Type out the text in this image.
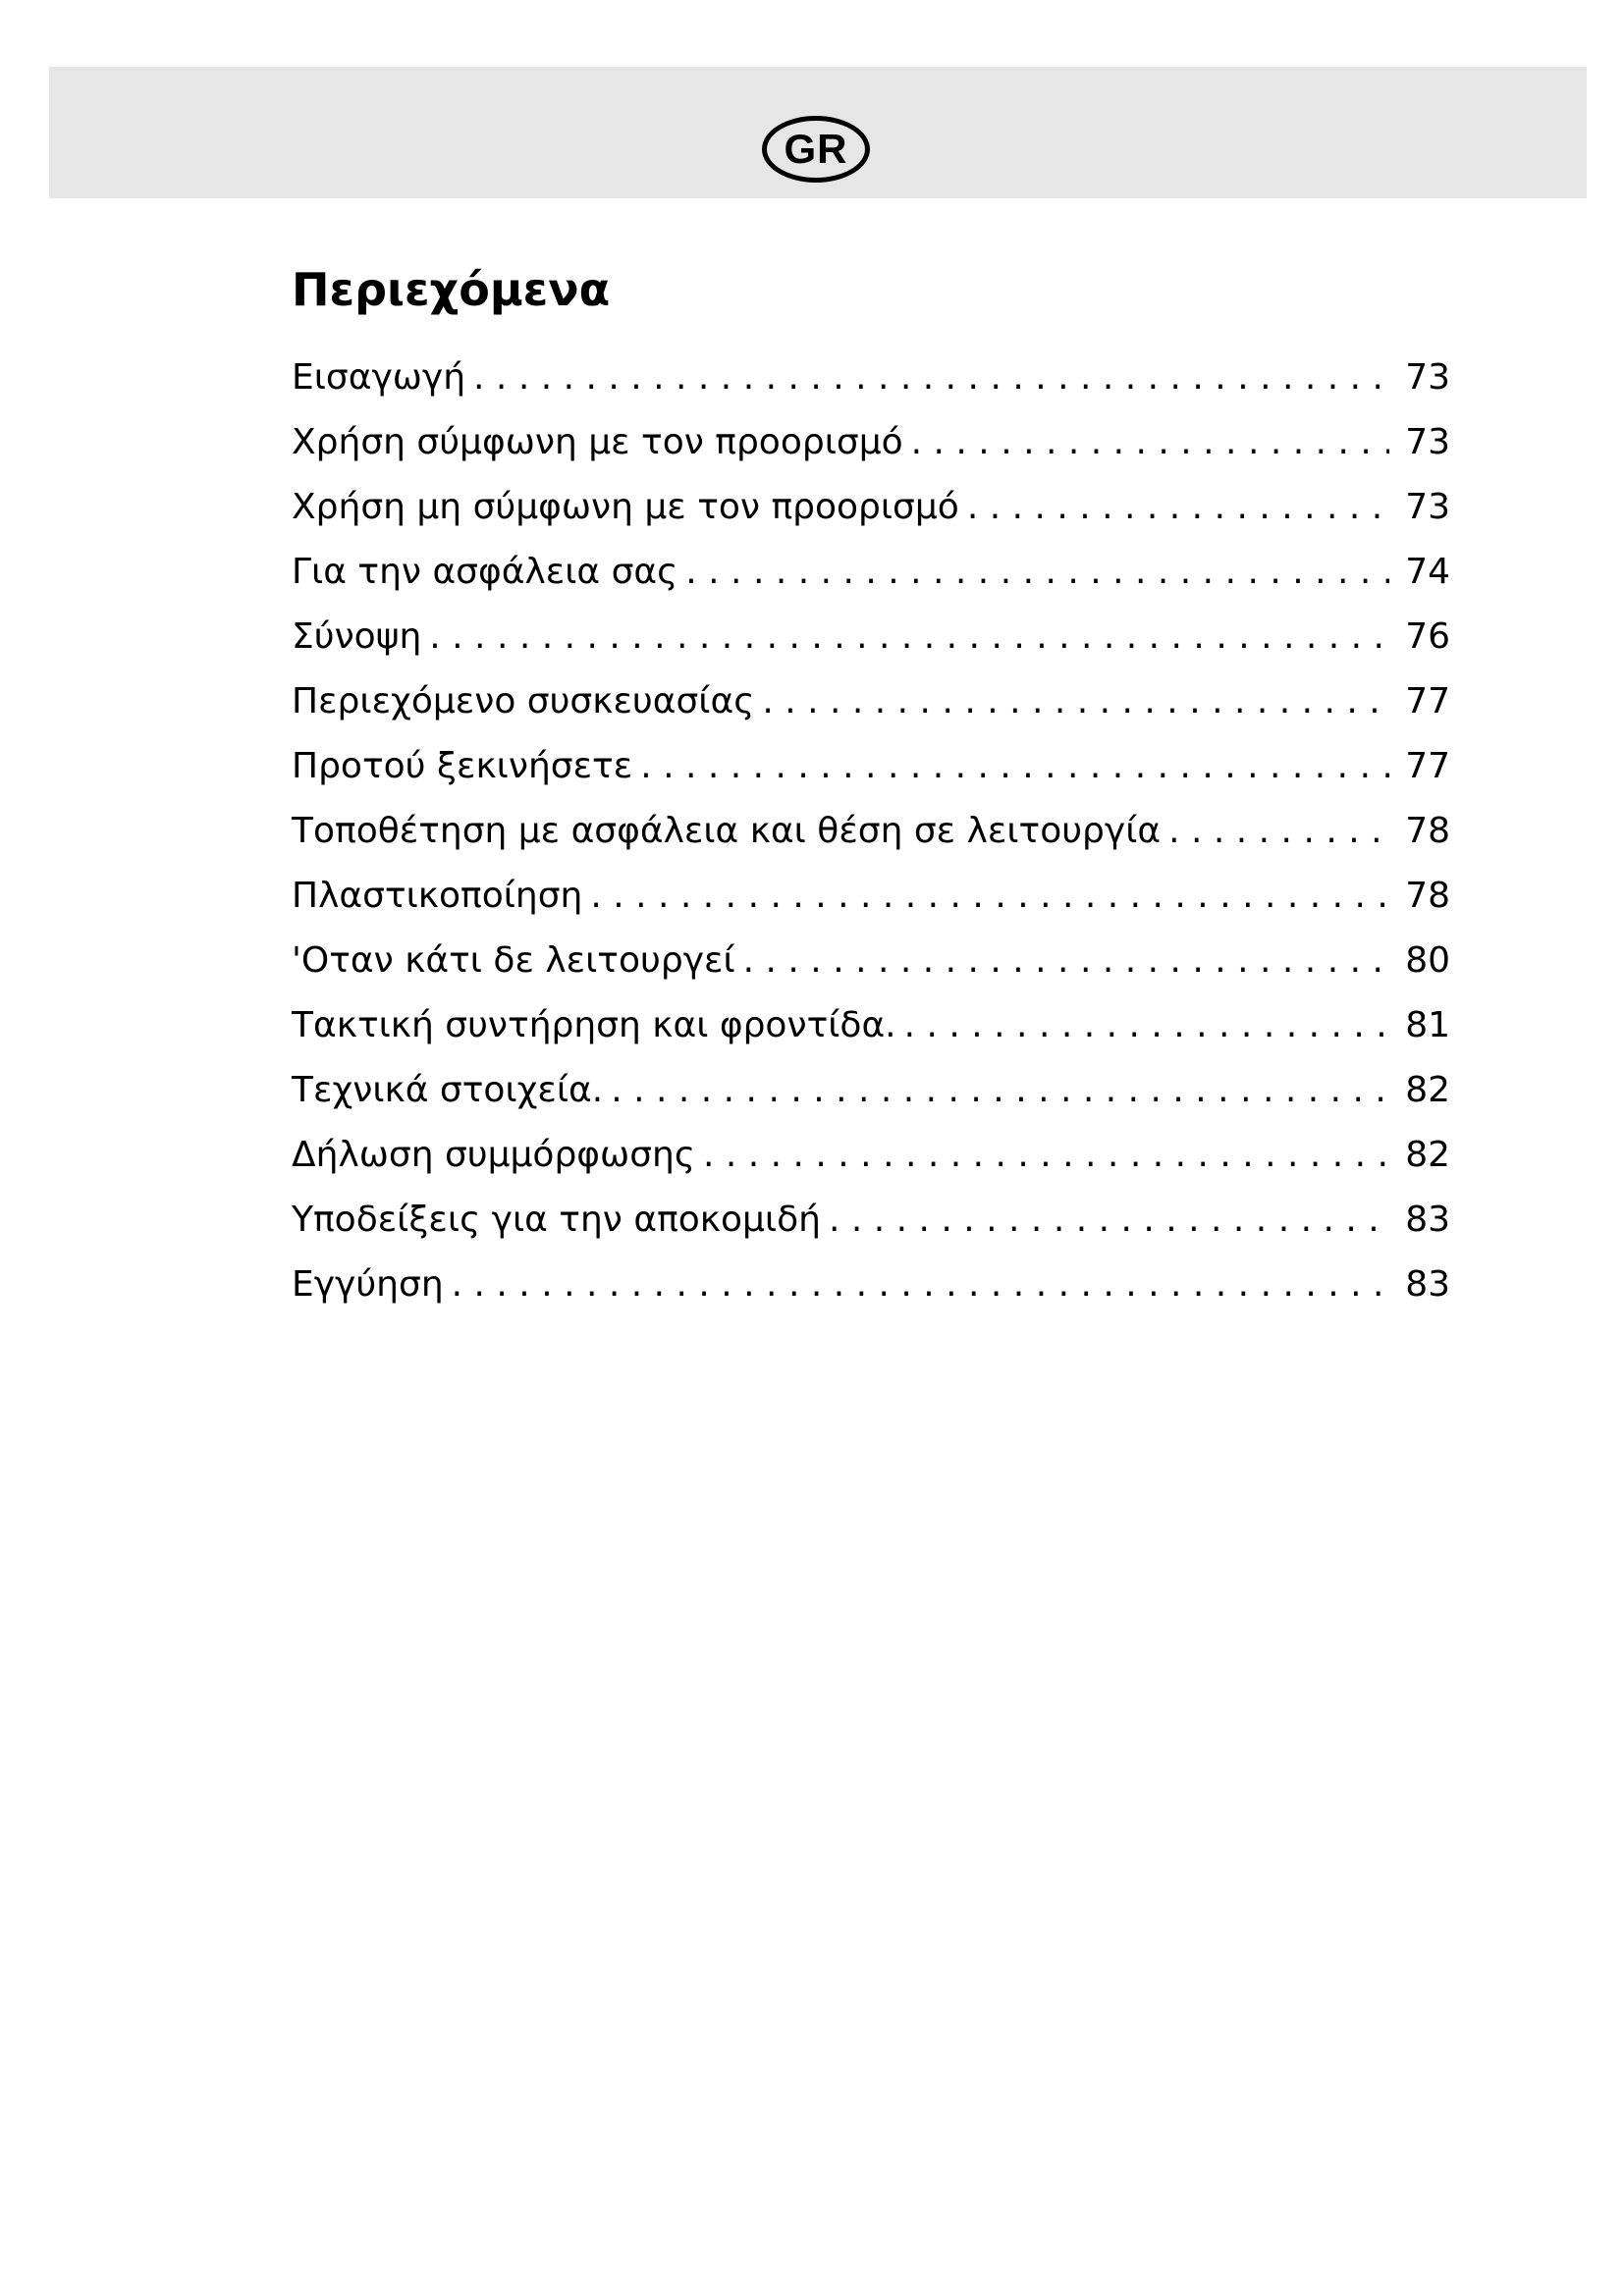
GR
Περιεχόμενα
Εισαγωγή . . .	73
Χρήση σύμφωνη με τον προορισμό . . .	73
Χρήση μη σύμφωνη με τον προορισμό . . .	73
Για την ασφάλεια σας . . .	74
Σύνοψη . . .	76
Περιεχόμενο συσκευασίας . . .	77
Προτού ξεκινήσετε . . .	77
Τοποθέτηση με ασφάλεια και θέση σε λειτουργία . . .	78
Πλαστικοποίηση . . .	78
'Οταν κάτι δε λειτουργεί . . .	80
Τακτική συντήρηση και φροντίδα. . . .	81
Τεχνικά στοιχεία. . . .	82
Δήλωση συμμόρφωσης . . .	82
Υποδείξεις για την αποκομιδή . . .	83
Εγγύηση . . .	83
